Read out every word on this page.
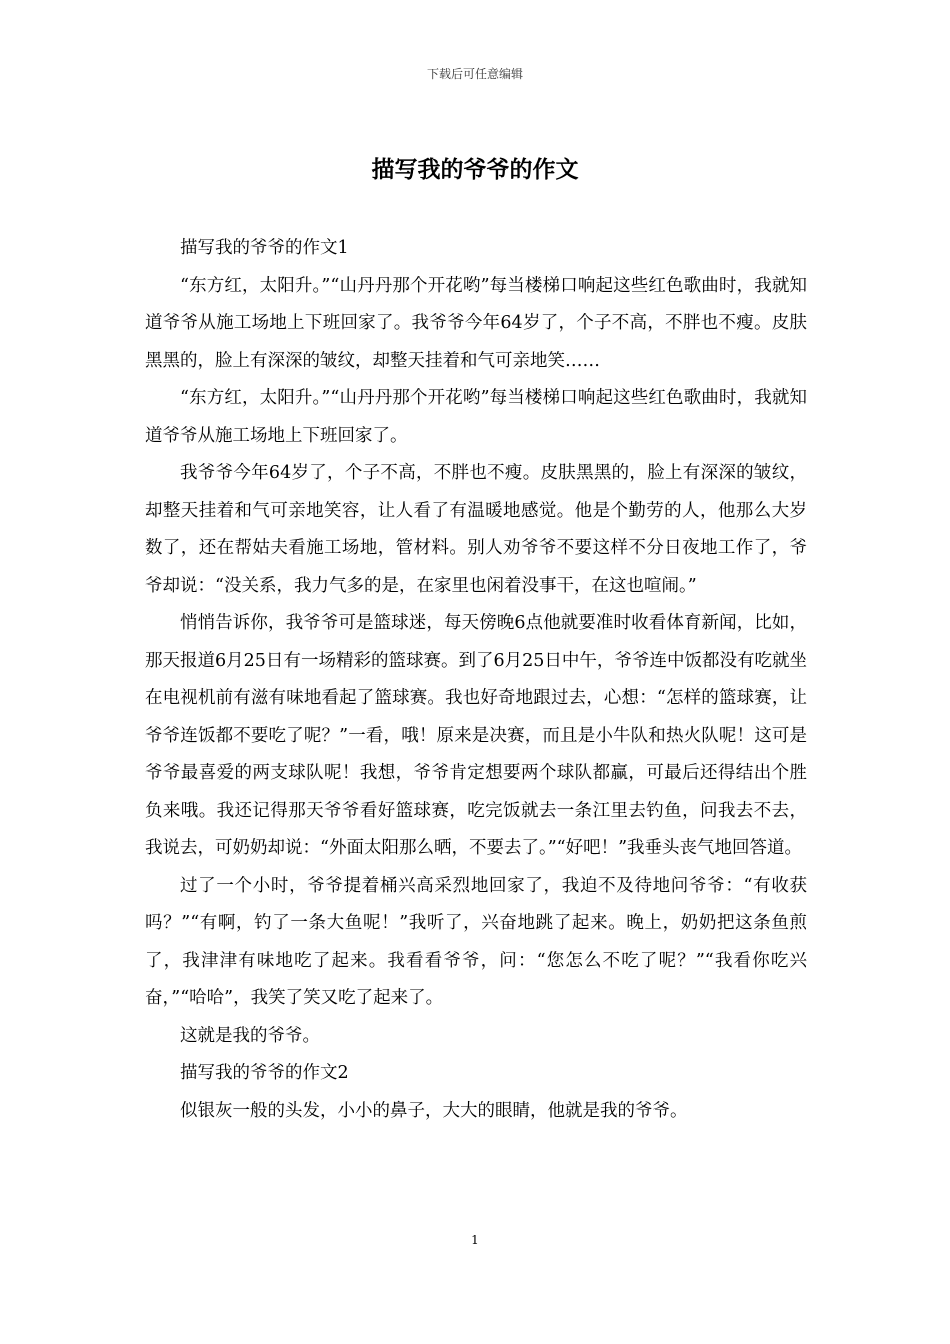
下载后可任意编辑
描写我的爷爷的作文

描写我的爷爷的作文1

“东方红，太阳升。”“山丹丹那个开花哟”每当楼梯口响起这些红色歌曲时，我就知道爷爷从施工场地上下班回家了。我爷爷今年64岁了，个子不高，不胖也不瘦。皮肤黑黑的，脸上有深深的皱纹，却整天挂着和气可亲地笑……

“东方红，太阳升。”“山丹丹那个开花哟”每当楼梯口响起这些红色歌曲时，我就知道爷爷从施工场地上下班回家了。

我爷爷今年64岁了，个子不高，不胖也不瘦。皮肤黑黑的，脸上有深深的皱纹，却整天挂着和气可亲地笑容，让人看了有温暖地感觉。他是个勤劳的人，他那么大岁数了，还在帮姑夫看施工场地，管材料。别人劝爷爷不要这样不分日夜地工作了，爷爷却说：“没关系，我力气多的是，在家里也闲着没事干，在这也喧闹。”

悄悄告诉你，我爷爷可是篮球迷，每天傍晚6点他就要准时收看体育新闻，比如，那天报道6月25日有一场精彩的篮球赛。到了6月25日中午，爷爷连中饭都没有吃就坐在电视机前有滋有味地看起了篮球赛。我也好奇地跟过去，心想：“怎样的篮球赛，让爷爷连饭都不要吃了呢？”一看，哦！原来是决赛，而且是小牛队和热火队呢！这可是爷爷最喜爱的两支球队呢！我想，爷爷肯定想要两个球队都赢，可最后还得结出个胜负来哦。我还记得那天爷爷看好篮球赛，吃完饭就去一条江里去钓鱼，问我去不去，我说去，可奶奶却说：“外面太阳那么晒，不要去了。”“好吧！”我垂头丧气地回答道。

过了一个小时，爷爷提着桶兴高采烈地回家了，我迫不及待地问爷爷：“有收获吗？”“有啊，钓了一条大鱼呢！”我听了，兴奋地跳了起来。晚上，奶奶把这条鱼煎了，我津津有味地吃了起来。我看看爷爷，问：“您怎么不吃了呢？”“我看你吃兴奋，”“哈哈”，我笑了笑又吃了起来了。

这就是我的爷爷。

描写我的爷爷的作文2

似银灰一般的头发，小小的鼻子，大大的眼睛，他就是我的爷爷。

1
